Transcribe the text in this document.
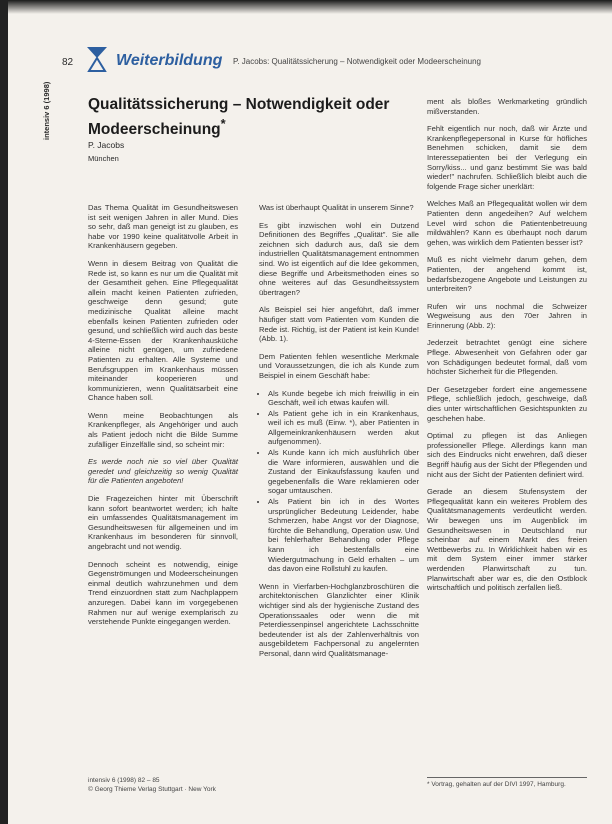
82	Weiterbildung P. Jacobs: Qualitätssicherung – Notwendigkeit oder Modeerscheinung
intensiv 6 (1998) Qualitätssicherung – Notwendigkeit oder Modeerscheinung*
P. Jacobs
München

Das Thema Qualität im Gesundheitswesen ist seit wenigen Jahren in aller Mund. Dies so sehr, daß man geneigt ist zu glauben, es habe vor 1990 keine qualitätvolle Arbeit in Krankenhäusern gegeben.

Wenn in diesem Beitrag von Qualität die Rede ist, so kann es nur um die Qualität mit der Gesamtheit gehen. Eine Pflegequalität allein macht keinen Patienten zufrieden, geschweige denn gesund; gute medizinische Qualität alleine macht ebenfalls keinen Patienten zufrieden oder gesund, und schließlich wird auch das beste 4-Sterne-Essen der Krankenhausküche alleine nicht genügen, um zufriedene Patienten zu erhalten. Alle Systeme und Berufsgruppen im Krankenhaus müssen miteinander kooperieren und kommunizieren, wenn Qualitätsarbeit eine Chance haben soll.

Wenn meine Beobachtungen als Krankenpfleger, als Angehöriger und auch als Patient jedoch nicht die Bilde Summe zufälliger Einzelfälle sind, so scheint mir:

Es werde noch nie so viel über Qualität geredet und gleichzeitig so wenig Qualität für die Patienten angeboten!

Die Fragezeichen hinter mit Überschrift kann sofort beantwortet werden; ich halte ein umfassendes Qualitätsmanagement im Gesundheitswesen für allgemeinen und im Krankenhaus im besonderen für sinnvoll, angebracht und not wendig.

Dennoch scheint es notwendig, einige Gegenströmungen und Modeerscheinungen einmal deutlich wahrzunehmen und dem Trend einzuordnen statt zum Nachplappern anzuregen. Dabei kann im vorgegebenen Rahmen nur auf wenige exemplarisch zu verstehende Punkte eingegangen werden.

Was ist überhaupt Qualität in unserem Sinne?

Es gibt inzwischen wohl ein Dutzend Definitionen des Begriffes „Qualität". Sie alle zeichnen sich dadurch aus, daß sie dem industriellen Qualitätsmanagement entnommen sind. Wo ist eigentlich auf die Idee gekommen, diese Begriffe und Arbeitsmethoden eines so ohne weiteres auf das Gesundheitssystem übertragen?

Als Beispiel sei hier angeführt, daß immer häufiger statt vom Patienten vom Kunden die Rede ist. Richtig, ist der Patient ist kein Kunde! (Abb. 1).

Dem Patienten fehlen wesentliche Merkmale und Voraussetzungen, die ich als Kunde zum Beispiel in einem Geschäft habe:

• Als Kunde begebe ich mich freiwillig in ein Geschäft, weil ich etwas kaufen will.
• Als Patient gehe ich in ein Krankenhaus, weil ich es muß (Einw. *), aber Patienten in Allgemeinkrankenhäusern werden akut aufgenommen).
• Als Kunde kann ich mich ausführlich über die Ware informieren, auswählen und die Zustand der Einkaufsfassung kaufen und gegebenenfalls die Ware reklamieren oder sogar umtauschen.
• Als Patient bin ich in des Wortes ursprünglicher Bedeutung Leidender, habe Schmerzen, habe Angst vor der Diagnose, fürchte die Behandlung, Operation usw. Und bei fehlerhafter Behandlung oder Pflege kann ich bestenfalls eine Wiedergutmachung in Geld erhalten – um das davon eine Rollstuhl zu kaufen.

Wenn in Vierfarben-Hochglanzbroschüren die architektonischen Glanzlichter einer Klinik wichtiger sind als der hygienische Zustand des Operationssaales oder wenn die mit Peterdiessenpinsel angerichtete Lachsschnitte bedeutender ist als der Zahlenverhältnis von ausgebildetem Fachpersonal zu angelernten Personal, dann wird Qualitätsmanage-

ment als bloßes Werkmarketing gründlich mißverstanden.

Fehlt eigentlich nur noch, daß wir Ärzte und Krankenpflegepersonal in Kurse für höfliches Benehmen schicken, damit sie dem Interessepatienten bei der Verlegung ein Sorry/kiss... und ganz bestimmt Sie was bald wieder!" nachrufen. Schließlich bleibt auch die folgende Frage sicher unerklärt:

Welches Maß an Pflegequalität wollen wir dem Patienten denn angedeihen? Auf welchem Level wird schon die Patientenbetreuung mildwählen? Kann es überhaupt noch darum gehen, was wirklich dem Patienten besser ist?

Muß es nicht vielmehr darum gehen, dem Patienten, der angehend kommt ist, bedarfsbezogene Angebote und Leistungen zu unterbreiten?

Rufen wir uns nochmal die Schweizer Wegweisung aus den 70er Jahren in Erinnerung (Abb. 2):

Jederzeit betrachtet genügt eine sichere Pflege. Abwesenheit von Gefahren oder gar von Schädigungen bedeutet formal, daß vom höchster Sicherheit für die Pflegenden.

Der Gesetzgeber fordert eine angemessene Pflege, schließlich jedoch, geschweige, daß dies unter wirtschaftlichen Gesichtspunkten zu geschehen habe.

Optimal zu pflegen ist das Anliegen professioneller Pflege. Allerdings kann man sich des Eindrucks nicht erwehren, daß dieser Begriff häufig aus der Sicht der Pflegenden und nicht aus der Sicht der Patienten definiert wird.

Gerade an diesem Stufensystem der Pflegequalität kann ein weiteres Problem des Qualitätsmanagements verdeutlicht werden. Wir bewegen uns im Augenblick im Gesundheitswesen in Deutschland nur scheinbar auf einem Markt des freien Wettbewerbs zu. In Wirklichkeit haben wir es mit dem System einer immer stärker werdenden Planwirtschaft zu tun. Planwirtschaft aber war es, die den Ostblock wirtschaftlich und politisch zerfallen ließ.

intensiv 6 (1998) 82 – 85
© Georg Thieme Verlag Stuttgart · New York
* Vortrag, gehalten auf der DIVI 1997, Hamburg.
